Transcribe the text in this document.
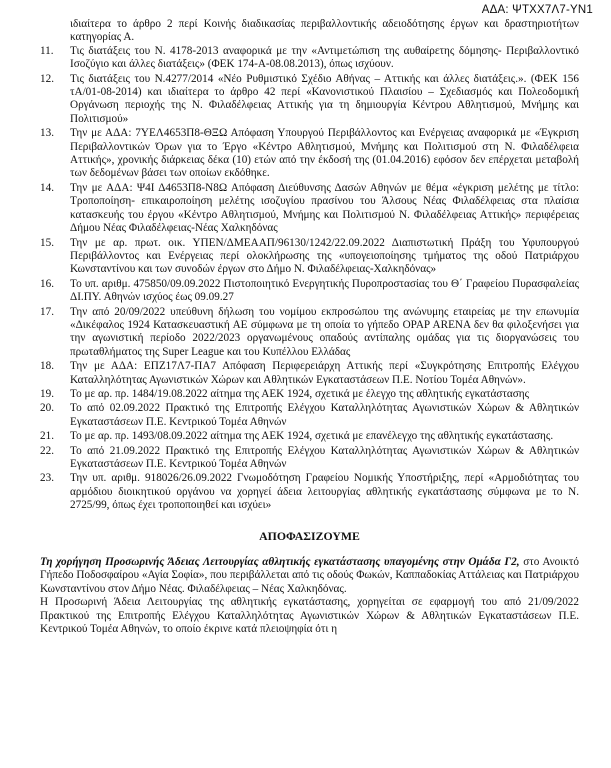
ΑΔΑ: ΨΤΧΧ7Λ7-ΥΝ1
ιδιαίτερα το άρθρο 2 περί Κοινής διαδικασίας περιβαλλοντικής αδειοδότησης έργων και δραστηριοτήτων κατηγορίας Α.
11.	Τις διατάξεις του Ν. 4178-2013 αναφορικά με την «Αντιμετώπιση της αυθαίρετης δόμησης- Περιβαλλοντικό Ισοζύγιο και άλλες διατάξεις» (ΦΕΚ 174-Α-08.08.2013), όπως ισχύουν.
12.	Τις διατάξεις του Ν.4277/2014 «Νέο Ρυθμιστικό Σχέδιο Αθήνας – Αττικής και άλλες διατάξεις.». (ΦΕΚ 156 τΑ/01-08-2014) και ιδιαίτερα το άρθρο 42 περί «Κανονιστικού Πλαισίου – Σχεδιασμός και Πολεοδομική Οργάνωση περιοχής της Ν. Φιλαδέλφειας Αττικής για τη δημιουργία Κέντρου Αθλητισμού, Μνήμης και Πολιτισμού»
13.	Την με ΑΔΑ: 7ΥΕΛ4653Π8-ΘΞΩ Απόφαση Υπουργού Περιβάλλοντος και Ενέργειας αναφορικά με «Έγκριση Περιβαλλοντικών Όρων για το Έργο «Κέντρο Αθλητισμού, Μνήμης και Πολιτισμού στη Ν. Φιλαδέλφεια Αττικής», χρονικής διάρκειας δέκα (10) ετών από την έκδοσή της (01.04.2016) εφόσον δεν επέρχεται μεταβολή των δεδομένων βάσει των οποίων εκδόθηκε.
14.	Την με ΑΔΑ: Ψ4Ι Δ4653Π8-Ν8Ω Απόφαση Διεύθυνσης Δασών Αθηνών με θέμα «έγκριση μελέτης με τίτλο: Τροποποίηση- επικαιροποίηση μελέτης ισοζυγίου πρασίνου του Άλσους Νέας Φιλαδέλφειας στα πλαίσια κατασκευής του έργου «Κέντρο Αθλητισμού, Μνήμης και Πολιτισμού Ν. Φιλαδέλφειας Αττικής» περιφέρειας Δήμου Νέας Φιλαδέλφειας-Νέας Χαλκηδόνας
15.	Την με αρ. πρωτ. οικ. ΥΠΕΝ/ΔΜΕΑΑΠ/96130/1242/22.09.2022 Διαπιστωτική Πράξη του Υφυπουργού Περιβάλλοντος και Ενέργειας περί ολοκλήρωσης της «υπογειοποίησης τμήματος της οδού Πατριάρχου Κωνσταντίνου και των συνοδών έργων στο Δήμο Ν. Φιλαδέλφειας-Χαλκηδόνας»
16.	Το υπ. αριθμ. 475850/09.09.2022 Πιστοποιητικό Ενεργητικής Πυροπροστασίας του Θ΄ Γραφείου Πυρασφαλείας ΔΙ.ΠΥ. Αθηνών ισχύος έως 09.09.27
17.	Την από 20/09/2022 υπεύθυνη δήλωση του νομίμου εκπροσώπου της ανώνυμης εταιρείας με την επωνυμία «Δικέφαλος 1924 Κατασκευαστική ΑΕ σύμφωνα με τη οποία το γήπεδο OPAP ARENA δεν θα φιλοξενήσει για την αγωνιστική περίοδο 2022/2023 οργανωμένους οπαδούς αντίπαλης ομάδας για τις διοργανώσεις του πρωταθλήματος της Super League και του Κυπέλλου Ελλάδας
18.	Την με ΑΔΑ: ΕΠΖ17Λ7-ΠΑ7 Απόφαση Περιφερειάρχη Αττικής περί «Συγκρότησης Επιτροπής Ελέγχου Καταλληλότητας Αγωνιστικών Χώρων και Αθλητικών Εγκαταστάσεων Π.Ε. Νοτίου Τομέα Αθηνών».
19.	Το με αρ. πρ. 1484/19.08.2022 αίτημα της ΑΕΚ 1924, σχετικά με έλεγχο της αθλητικής εγκατάστασης
20.	Το από 02.09.2022 Πρακτικό της Επιτροπής Ελέγχου Καταλληλότητας Αγωνιστικών Χώρων & Αθλητικών Εγκαταστάσεων Π.Ε. Κεντρικού Τομέα Αθηνών
21.	Το με αρ. πρ. 1493/08.09.2022 αίτημα της ΑΕΚ 1924, σχετικά με επανέλεγχο της αθλητικής εγκατάστασης.
22.	Το από 21.09.2022 Πρακτικό της Επιτροπής Ελέγχου Καταλληλότητας Αγωνιστικών Χώρων & Αθλητικών Εγκαταστάσεων Π.Ε. Κεντρικού Τομέα Αθηνών
23.	Την υπ. αριθμ. 918026/26.09.2022 Γνωμοδότηση Γραφείου Νομικής Υποστήριξης, περί «Αρμοδιότητας του αρμόδιου διοικητικού οργάνου να χορηγεί άδεια λειτουργίας αθλητικής εγκατάστασης σύμφωνα με το Ν. 2725/99, όπως έχει τροποποιηθεί και ισχύει»
ΑΠΟΦΑΣΙΖΟΥΜΕ

Τη χορήγηση Προσωρινής Άδειας Λειτουργίας αθλητικής εγκατάστασης υπαγομένης στην Ομάδα Γ2, στο Ανοικτό Γήπεδο Ποδοσφαίρου «Αγία Σοφία», που περιβάλλεται από τις οδούς Φωκών, Καππαδοκίας Αττάλειας και Πατριάρχου Κωνσταντίνου στον Δήμο Νέας. Φιλαδέλφειας – Νέας Χαλκηδόνας.

Η Προσωρινή Άδεια Λειτουργίας της αθλητικής εγκατάστασης, χορηγείται σε εφαρμογή του από 21/09/2022 Πρακτικού της Επιτροπής Ελέγχου Καταλληλότητας Αγωνιστικών Χώρων & Αθλητικών Εγκαταστάσεων Π.Ε. Κεντρικού Τομέα Αθηνών, το οποίο έκρινε κατά πλειοψηφία ότι η
